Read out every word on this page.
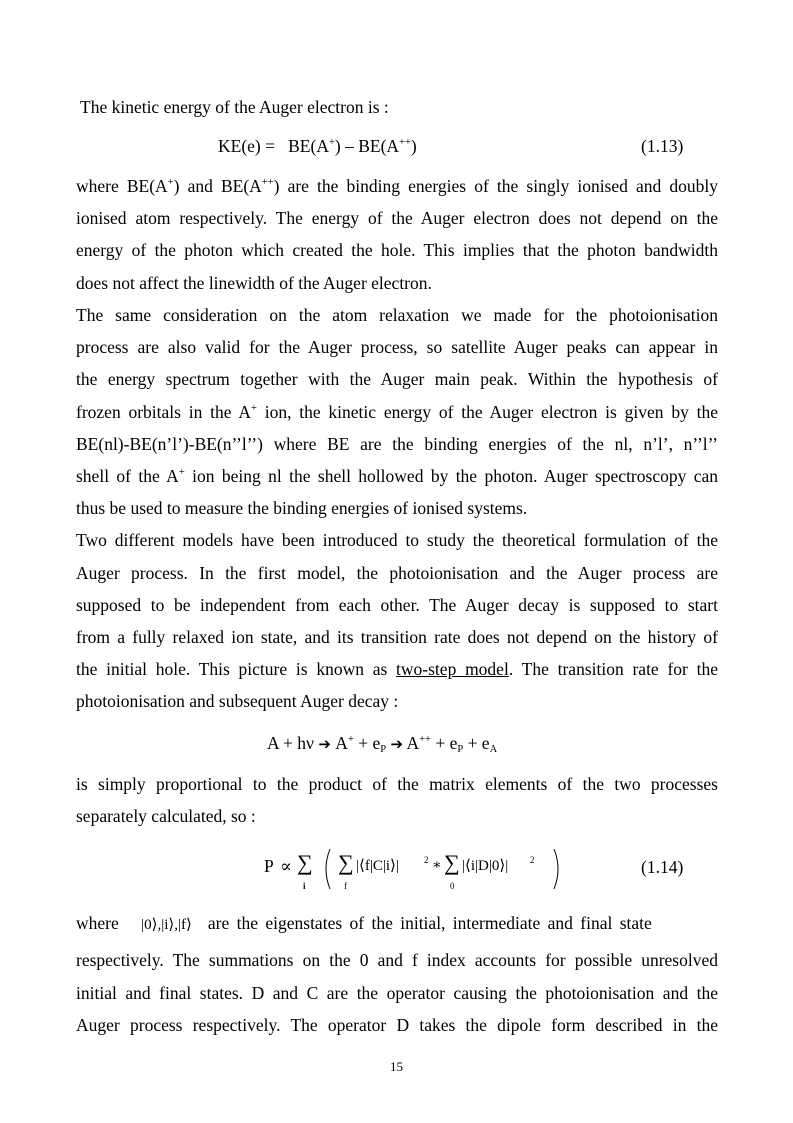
The kinetic energy of the Auger electron is :
KE(e) = BE(A+) – BE(A++)	(1.13)
where BE(A+) and BE(A++) are the binding energies of the singly ionised and doubly
ionised atom respectively. The energy of the Auger electron does not depend on the
energy of the photon which created the hole. This implies that the photon bandwidth
does not affect the linewidth of the Auger electron.
The same consideration on the atom relaxation we made for the photoionisation
process are also valid for the Auger process, so satellite Auger peaks can appear in
the energy spectrum together with the Auger main peak. Within the hypothesis of
frozen orbitals in the A+ ion, the kinetic energy of the Auger electron is given by the
BE(nl)-BE(n’l’)-BE(n’’l’’) where BE are the binding energies of the nl, n’l’, n’’l’’
shell of the A+ ion being nl the shell hollowed by the photon. Auger spectroscopy can
thus be used to measure the binding energies of ionised systems.
Two different models have been introduced to study the theoretical formulation of the
Auger process. In the first model, the photoionisation and the Auger process are
supposed to be independent from each other. The Auger decay is supposed to start
from a fully relaxed ion state, and its transition rate does not depend on the history of
the initial hole. This picture is known as two-step model. The transition rate for the
photoionisation and subsequent Auger decay :
A + hν ➔ $A^+ + e_P$ ➔ $A^{++} + e_P + e_A$
is simply proportional to the product of the matrix elements of the two processes
separately calculated, so :
P ∝ ∑
i
∑
f
|⟨f|C|i⟩|	2 ∗ ∑
0
|⟨i|D|0⟩| 2	(1.14)
where |0⟩,|i⟩,|f⟩ are the eigenstates of the initial, intermediate and final state
respectively. The summations on the 0 and f index accounts for possible unresolved
initial and final states. D and C are the operator causing the photoionisation and the
Auger process respectively. The operator D takes the dipole form described in the
15
